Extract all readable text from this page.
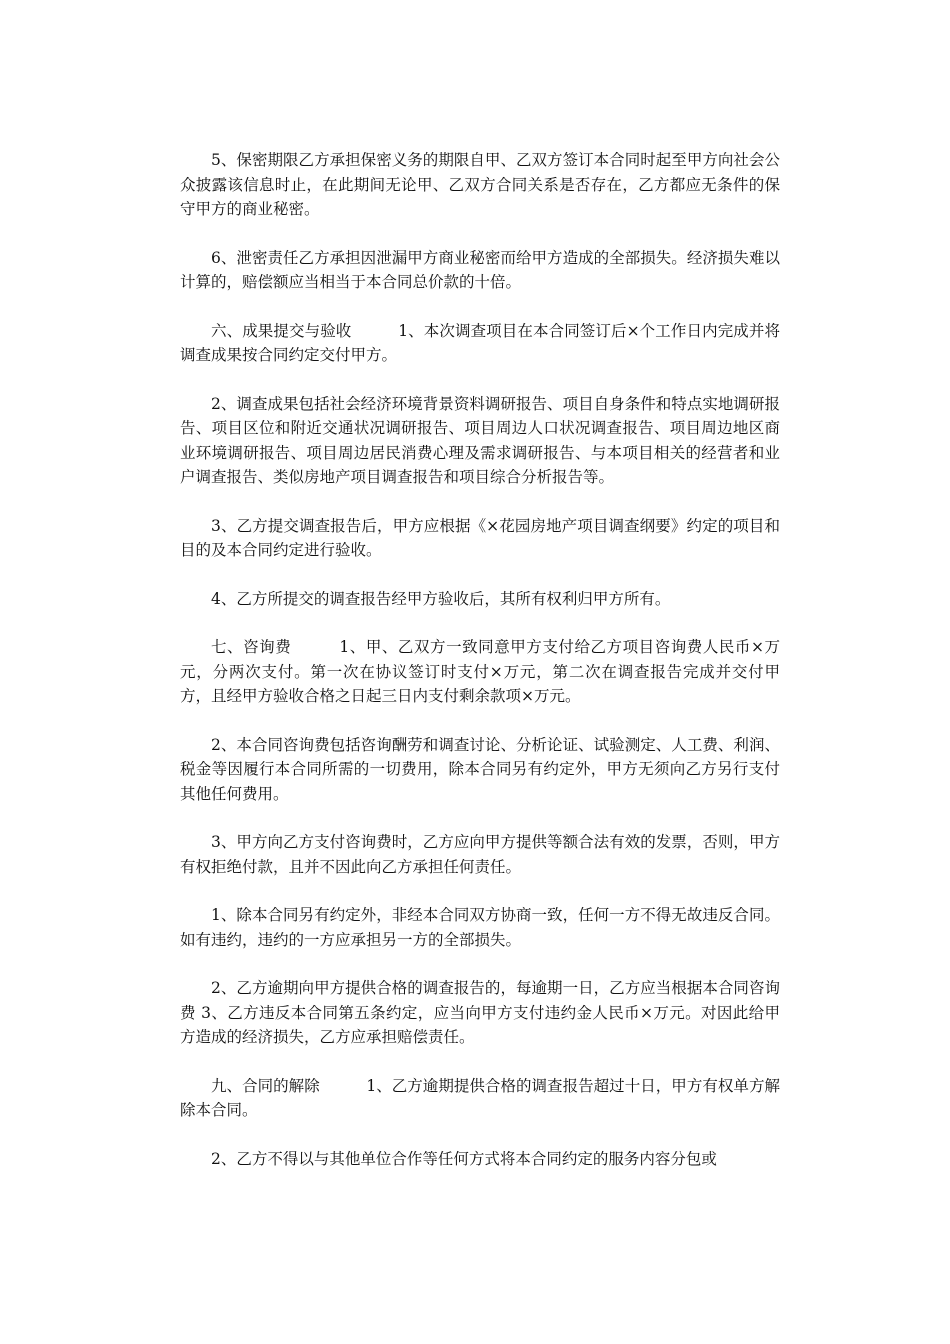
5、保密期限乙方承担保密义务的期限自甲、乙双方签订本合同时起至甲方向社会公众披露该信息时止，在此期间无论甲、乙双方合同关系是否存在，乙方都应无条件的保守甲方的商业秘密。

6、泄密责任乙方承担因泄漏甲方商业秘密而给甲方造成的全部损失。经济损失难以计算的，赔偿额应当相当于本合同总价款的十倍。

六、成果提交与验收　　　1、本次调查项目在本合同签订后×个工作日内完成并将调查成果按合同约定交付甲方。

2、调查成果包括社会经济环境背景资料调研报告、项目自身条件和特点实地调研报告、项目区位和附近交通状况调研报告、项目周边人口状况调查报告、项目周边地区商业环境调研报告、项目周边居民消费心理及需求调研报告、与本项目相关的经营者和业户调查报告、类似房地产项目调查报告和项目综合分析报告等。

3、乙方提交调查报告后，甲方应根据《×花园房地产项目调查纲要》约定的项目和目的及本合同约定进行验收。

4、乙方所提交的调查报告经甲方验收后，其所有权利归甲方所有。

七、咨询费　　　1、甲、乙双方一致同意甲方支付给乙方项目咨询费人民币×万元，分两次支付。第一次在协议签订时支付×万元，第二次在调查报告完成并交付甲方，且经甲方验收合格之日起三日内支付剩余款项×万元。

2、本合同咨询费包括咨询酬劳和调查讨论、分析论证、试验测定、人工费、利润、税金等因履行本合同所需的一切费用，除本合同另有约定外，甲方无须向乙方另行支付其他任何费用。

3、甲方向乙方支付咨询费时，乙方应向甲方提供等额合法有效的发票，否则，甲方有权拒绝付款，且并不因此向乙方承担任何责任。

1、除本合同另有约定外，非经本合同双方协商一致，任何一方不得无故违反合同。如有违约，违约的一方应承担另一方的全部损失。

2、乙方逾期向甲方提供合格的调查报告的，每逾期一日，乙方应当根据本合同咨询费 3、乙方违反本合同第五条约定，应当向甲方支付违约金人民币×万元。对因此给甲方造成的经济损失，乙方应承担赔偿责任。

九、合同的解除　　　1、乙方逾期提供合格的调查报告超过十日，甲方有权单方解除本合同。

2、乙方不得以与其他单位合作等任何方式将本合同约定的服务内容分包或
